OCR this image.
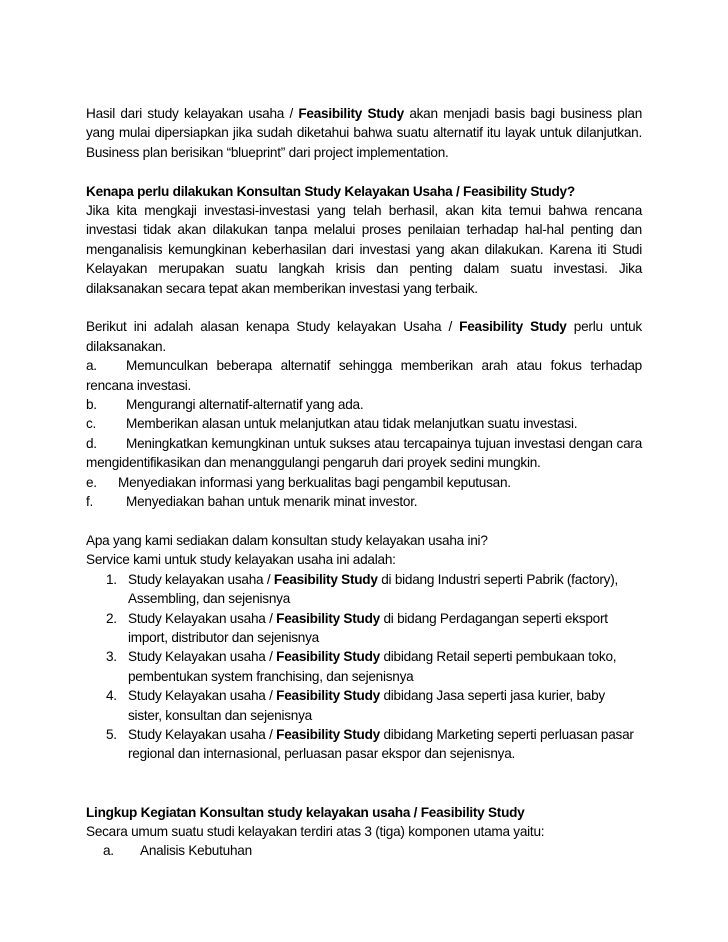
Hasil dari study kelayakan usaha / Feasibility Study akan menjadi basis bagi business plan yang mulai dipersiapkan jika sudah diketahui bahwa suatu alternatif itu layak untuk dilanjutkan. Business plan berisikan “blueprint” dari project implementation.

Kenapa perlu dilakukan Konsultan Study Kelayakan Usaha / Feasibility Study?

Jika kita mengkaji investasi-investasi yang telah berhasil, akan kita temui bahwa rencana investasi tidak akan dilakukan tanpa melalui proses penilaian terhadap hal-hal penting dan menganalisis kemungkinan keberhasilan dari investasi yang akan dilakukan. Karena iti Studi Kelayakan merupakan suatu langkah krisis dan penting dalam suatu investasi. Jika dilaksanakan secara tepat akan memberikan investasi yang terbaik.

Berikut ini adalah alasan kenapa Study kelayakan Usaha / Feasibility Study perlu untuk dilaksanakan.

a.	Memunculkan beberapa alternatif sehingga memberikan arah atau fokus terhadap rencana investasi.
b.	Mengurangi alternatif-alternatif yang ada.
c.	Memberikan alasan untuk melanjutkan atau tidak melanjutkan suatu investasi.
d.	Meningkatkan kemungkinan untuk sukses atau tercapainya tujuan investasi dengan cara mengidentifikasikan dan menanggulangi pengaruh dari proyek sedini mungkin.
e.	Menyediakan informasi yang berkualitas bagi pengambil keputusan.
f.	Menyediakan bahan untuk menarik minat investor.

Apa yang kami sediakan dalam konsultan study kelayakan usaha ini?

Service kami untuk study kelayakan usaha ini adalah:

1. Study kelayakan usaha / Feasibility Study di bidang Industri seperti Pabrik (factory), Assembling, dan sejenisnya
2. Study Kelayakan usaha / Feasibility Study di bidang Perdagangan seperti eksport import, distributor dan sejenisnya
3. Study Kelayakan usaha / Feasibility Study dibidang Retail seperti pembukaan toko, pembentukan system franchising, dan sejenisnya
4. Study Kelayakan usaha / Feasibility Study dibidang Jasa seperti jasa kurier, baby sister, konsultan dan sejenisnya
5. Study Kelayakan usaha / Feasibility Study dibidang Marketing seperti perluasan pasar regional dan internasional, perluasan pasar ekspor dan sejenisnya.

Lingkup Kegiatan Konsultan study kelayakan usaha / Feasibility Study

Secara umum suatu studi kelayakan terdiri atas 3 (tiga) komponen utama yaitu:

a.	Analisis Kebutuhan
